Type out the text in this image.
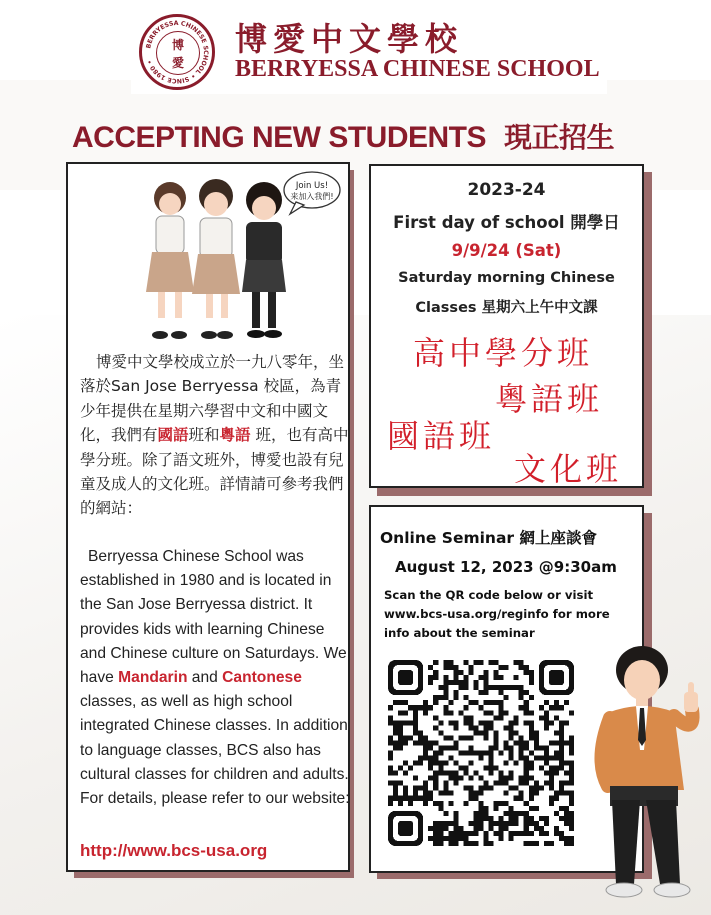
BERRYESSA CHINESE SCHOOL • SINCE 1980 •
博
愛
博愛中文學校
BERRYESSA CHINESE SCHOOL
ACCEPTING NEW STUDENTS 現正招生
Join Us!
来加入我們!
博愛中文學校成立於一九八零年，坐落於San Jose Berryessa 校區，為青少年提供在星期六學習中文和中國文化，我們有國語班和粵語 班，也有高中學分班。除了語文班外，博愛也設有兒童及成人的文化班。詳情請可參考我們的網站：
Berryessa Chinese School was established in 1980 and is located in the San Jose Berryessa district. It provides kids with learning Chinese and Chinese culture on Saturdays. We have Mandarin and Cantonese classes, as well as high school integrated Chinese classes. In addition to language classes, BCS also has cultural classes for children and adults. For details, please refer to our website:
http://www.bcs-usa.org
2023-24
First day of school 開學日
9/9/24 (Sat)
Saturday morning Chinese
Classes 星期六上午中文課
高中學分班
粵語班
國語班
文化班
Online Seminar 網上座談會
August 12, 2023 @9:30am
Scan the QR code below or visit
www.bcs-usa.org/reginfo for more
info about the seminar
